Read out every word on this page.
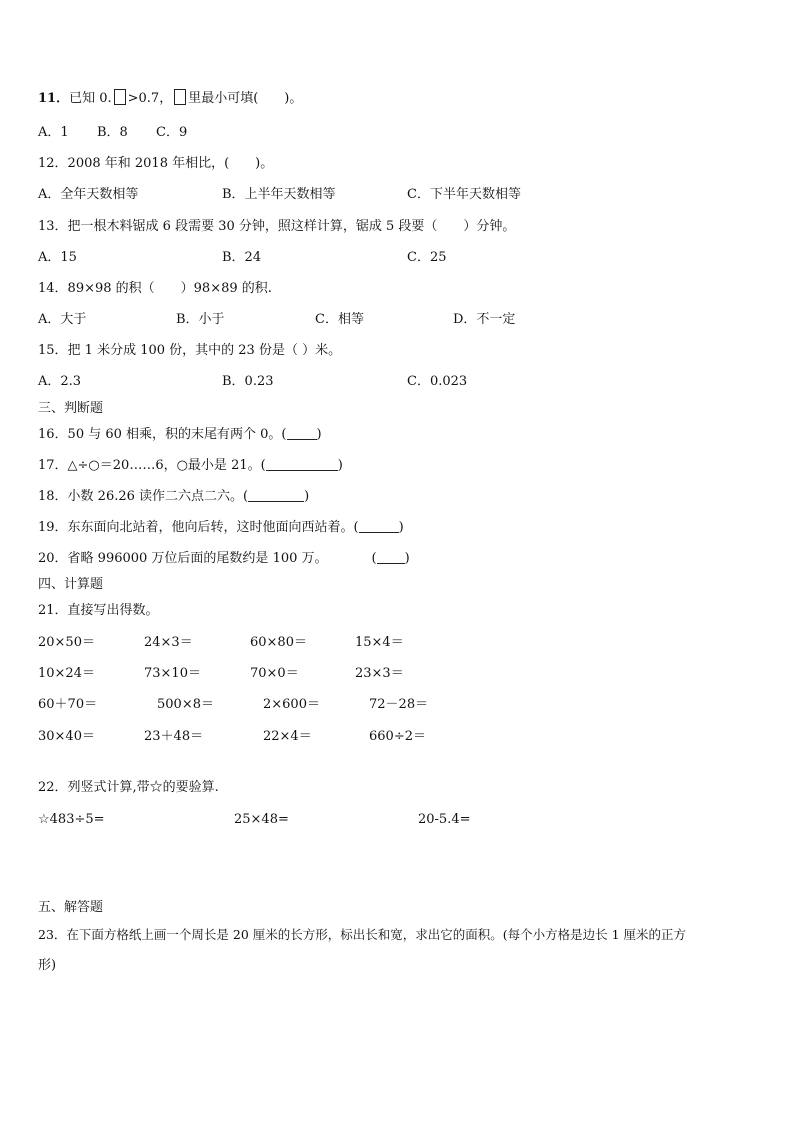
11．已知 0. >0.7， 里最小可填(　　)。
A．1 B．8 C．9
12．2008 年和 2018 年相比，(　　)。
A．全年天数相等	B．上半年天数相等	C．下半年天数相等
13．把一根木料锯成 6 段需要 30 分钟，照这样计算，锯成 5 段要（　　）分钟。
A．15	B．24	C．25
14．89×98 的积（　　）98×89 的积.
A．大于	B．小于	C．相等	D．不一定
15．把 1 米分成 100 份，其中的 23 份是（ ）米。
A．2.3	B．0.23	C．0.023
三、判断题
16．50 与 60 相乘，积的末尾有两个 0。( )
17．△÷○＝20……6，○最小是 21。(	)
18．小数 26.26 读作二六点二六。(	)
19．东东面向北站着，他向后转，这时他面向西站着。(	)
20．省略 996000 万位后面的尾数约是 100 万。	( )
四、计算题
21．直接写出得数。
20×50＝	24×3＝	60×80＝	15×4＝
10×24＝	73×10＝	70×0＝	23×3＝
60＋70＝	500×8＝	2×600＝	72－28＝
30×40＝	23＋48＝	22×4＝	660÷2＝
22．列竖式计算,带☆的要验算.
☆483÷5=	25×48=	20-5.4=
五、解答题
23．在下面方格纸上画一个周长是 20 厘米的长方形，标出长和宽，求出它的面积。(每个小方格是边长 1 厘米的正方
形)
